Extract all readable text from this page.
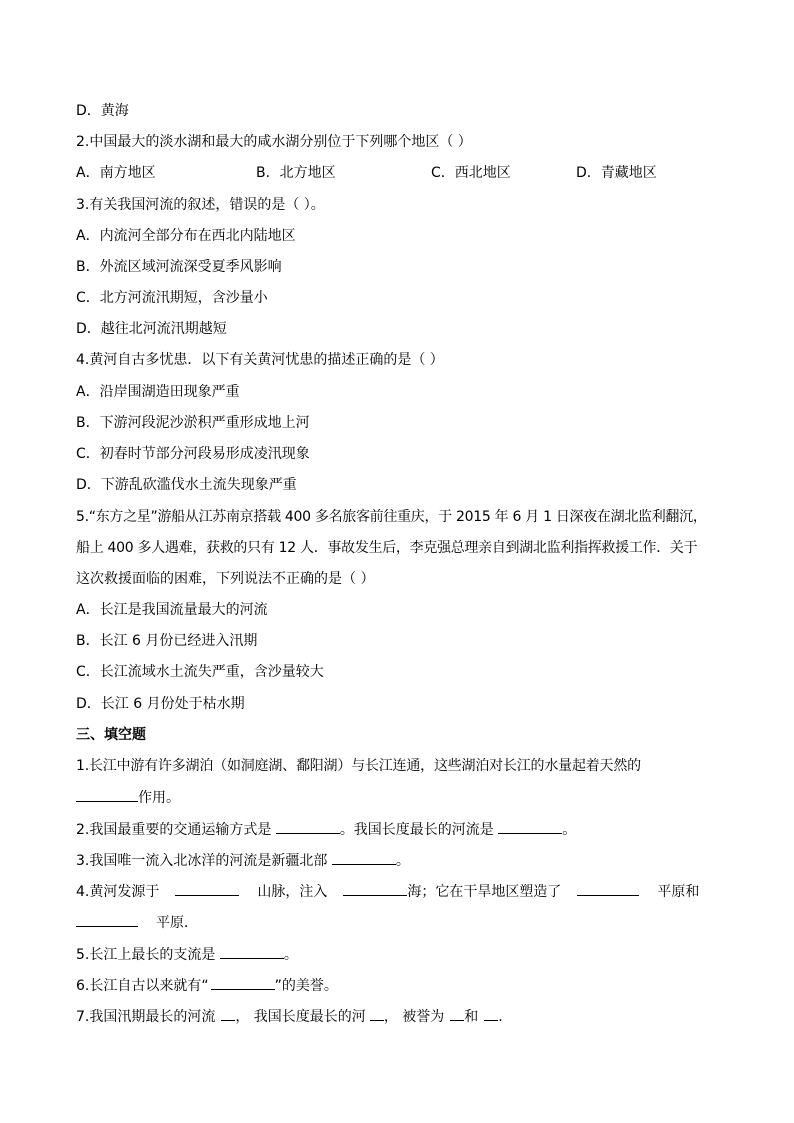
D．黄海
2.中国最大的淡水湖和最大的咸水湖分别位于下列哪个地区（ ）
A．南方地区	B．北方地区	C．西北地区	D．青藏地区
3.有关我国河流的叙述，错误的是（ ）。
A．内流河全部分布在西北内陆地区
B．外流区域河流深受夏季风影响
C．北方河流汛期短，含沙量小
D．越往北河流汛期越短
4.黄河自古多忧患．以下有关黄河忧患的描述正确的是（ ）
A．沿岸围湖造田现象严重
B．下游河段泥沙淤积严重形成地上河
C．初春时节部分河段易形成凌汛现象
D．下游乱砍滥伐水土流失现象严重
5.“东方之星”游船从江苏南京搭载 400 多名旅客前往重庆，于 2015 年 6 月 1 日深夜在湖北监利翻沉，
船上 400 多人遇难，获救的只有 12 人．事故发生后，李克强总理亲自到湖北监利指挥救援工作．关于
这次救援面临的困难，下列说法不正确的是（ ）
A．长江是我国流量最大的河流
B．长江 6 月份已经进入汛期
C．长江流域水土流失严重，含沙量较大
D．长江 6 月份处于枯水期
三、填空题
1.长江中游有许多湖泊（如洞庭湖、鄱阳湖）与长江连通，这些湖泊对长江的水量起着天然的
作用。
2.我国最重要的交通运输方式是	。我国长度最长的河流是	。
3.我国唯一流入北冰洋的河流是新疆北部	。
4.黄河发源于	山脉，注入	海；它在干旱地区塑造了	平原和
平原．
5.长江上最长的支流是	。
6.长江自古以来就有“	”的美誉。
7.我国汛期最长的河流 ， 我国长度最长的河 ， 被誉为 和 .
